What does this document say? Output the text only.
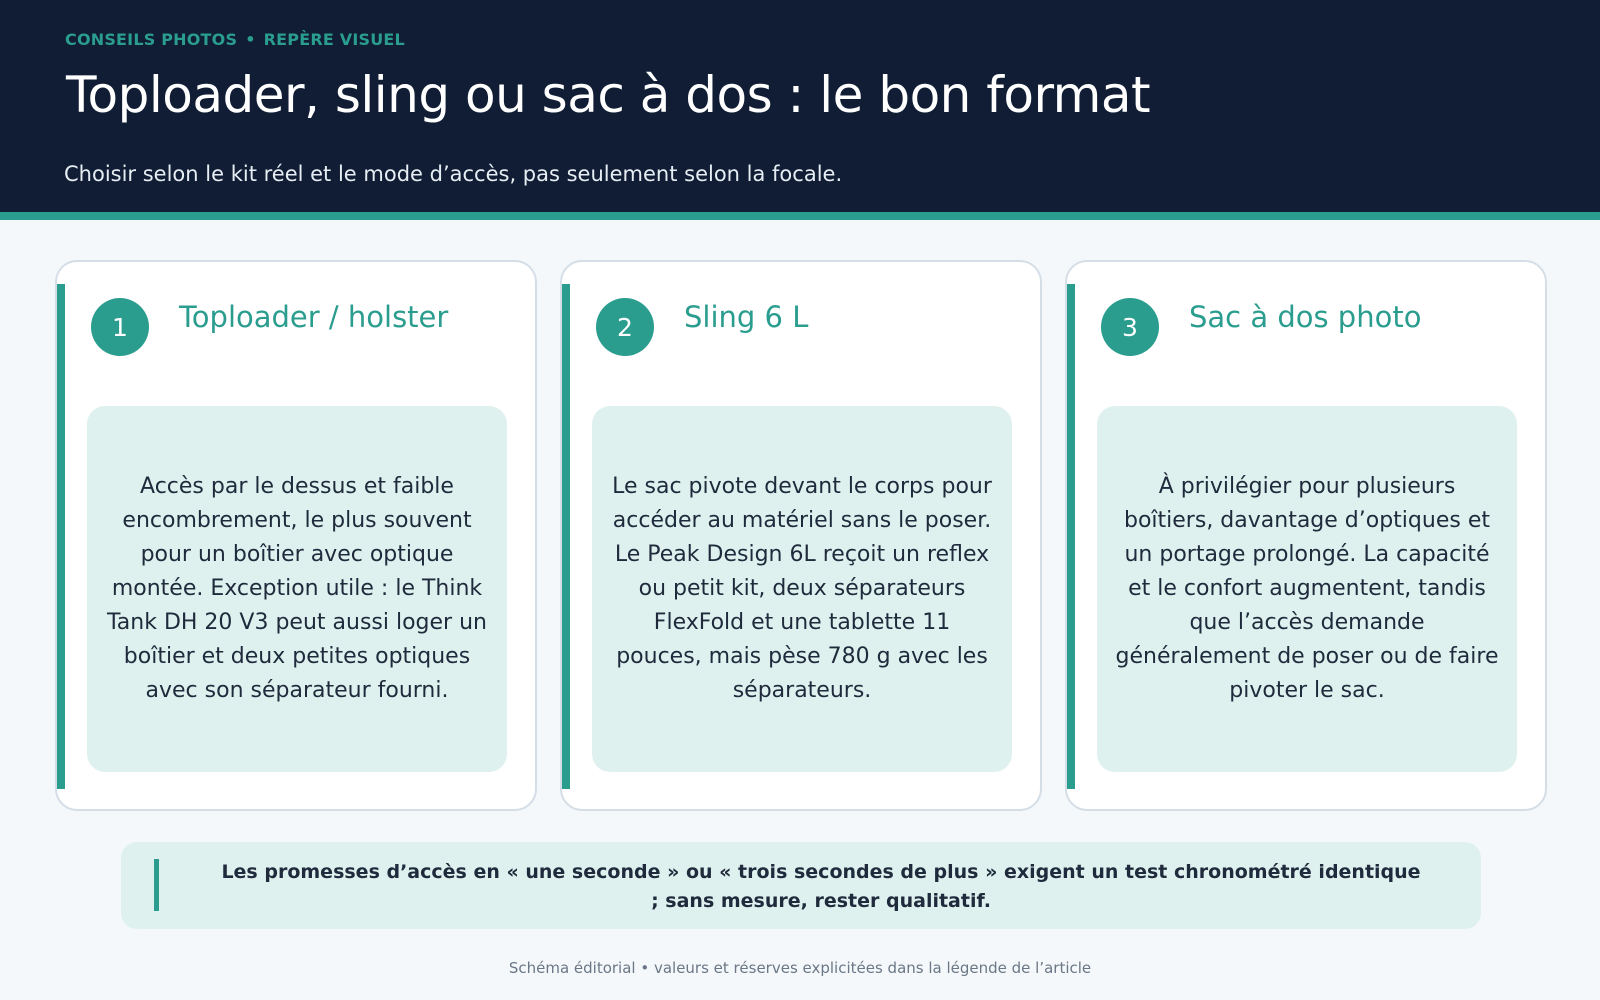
CONSEILS PHOTOS • REPÈRE VISUEL
Toploader, sling ou sac à dos : le bon format

Choisir selon le kit réel et le mode d’accès, pas seulement selon la focale.

1	Toploader / holster

Accès par le dessus et faible encombrement, le plus souvent pour un boîtier avec optique montée. Exception utile : le Think Tank DH 20 V3 peut aussi loger un boîtier et deux petites optiques avec son séparateur fourni.

2	Sling 6 L

Le sac pivote devant le corps pour accéder au matériel sans le poser. Le Peak Design 6L reçoit un reflex ou petit kit, deux séparateurs FlexFold et une tablette 11 pouces, mais pèse 780 g avec les séparateurs.

3	Sac à dos photo

À privilégier pour plusieurs boîtiers, davantage d’optiques et un portage prolongé. La capacité et le confort augmentent, tandis que l’accès demande généralement de poser ou de faire pivoter le sac.

Les promesses d’accès en « une seconde » ou « trois secondes de plus » exigent un test chronométré identique ; sans mesure, rester qualitatif.

Schéma éditorial • valeurs et réserves explicitées dans la légende de l’article
